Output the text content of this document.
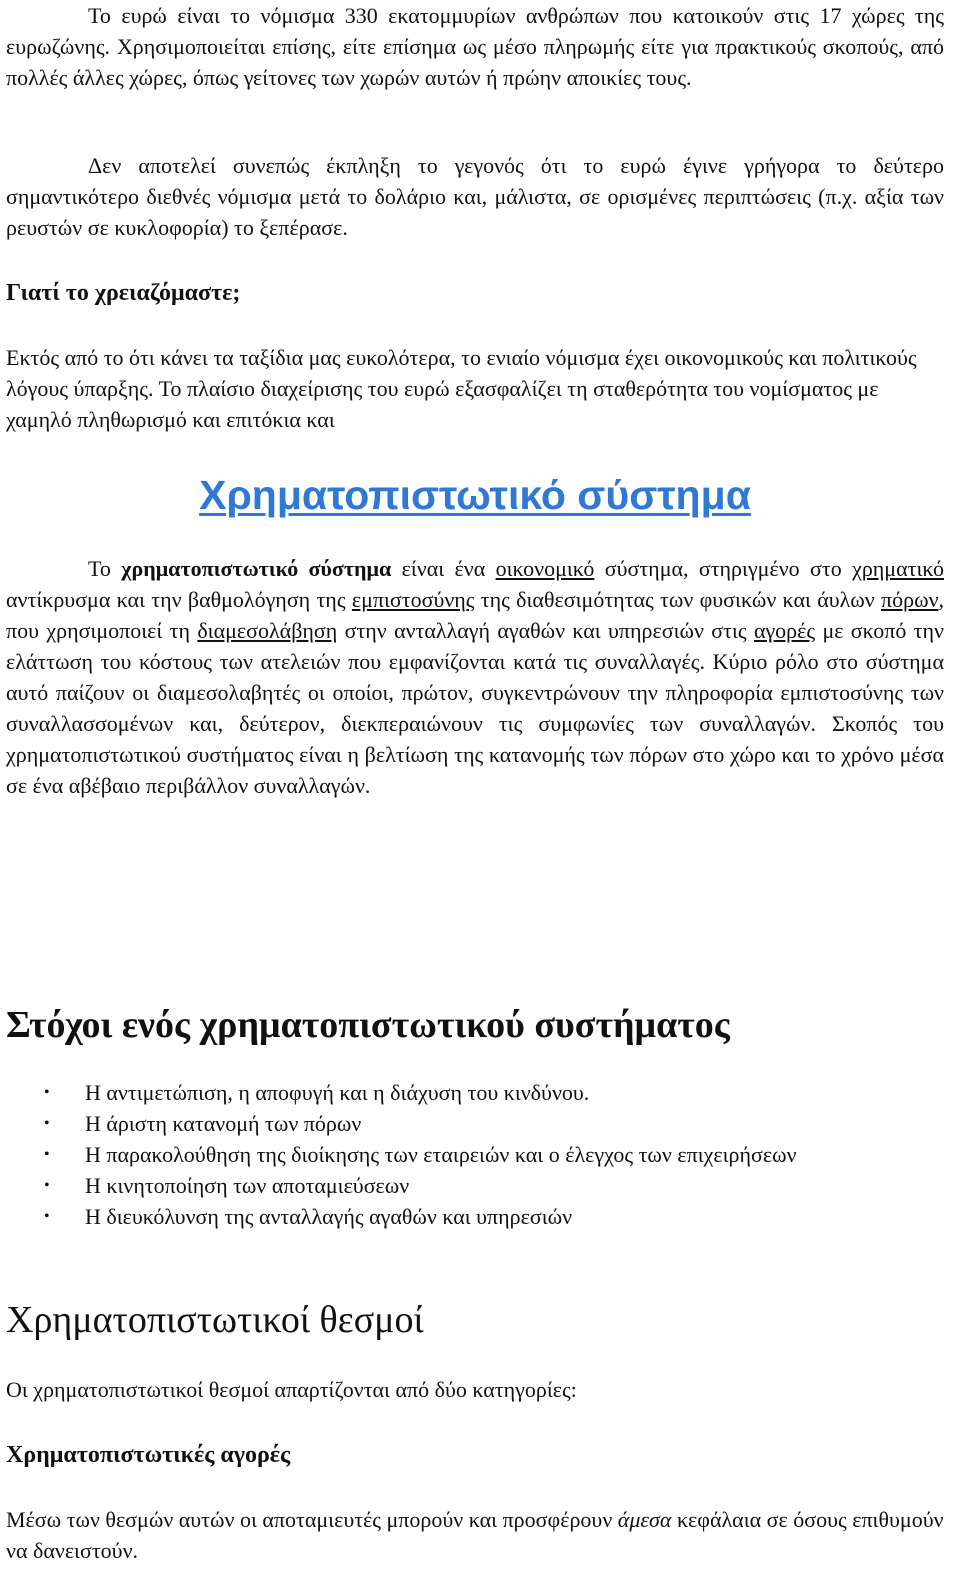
Το ευρώ είναι το νόμισμα 330 εκατομμυρίων ανθρώπων που κατοικούν στις 17 χώρες της ευρωζώνης. Χρησιμοποιείται επίσης, είτε επίσημα ως μέσο πληρωμής είτε για πρακτικούς σκοπούς, από πολλές άλλες χώρες, όπως γείτονες των χωρών αυτών ή πρώην αποικίες τους.

Δεν αποτελεί συνεπώς έκπληξη το γεγονός ότι το ευρώ έγινε γρήγορα το δεύτερο σημαντικότερο διεθνές νόμισμα μετά το δολάριο και, μάλιστα, σε ορισμένες περιπτώσεις (π.χ. αξία των ρευστών σε κυκλοφορία) το ξεπέρασε.

Γιατί το χρειαζόμαστε;

Εκτός από το ότι κάνει τα ταξίδια μας ευκολότερα, το ενιαίο νόμισμα έχει οικονομικούς και πολιτικούς λόγους ύπαρξης. Το πλαίσιο διαχείρισης του ευρώ εξασφαλίζει τη σταθερότητα του νομίσματος με χαμηλό πληθωρισμό και επιτόκια και

Χρηματοπιστωτικό σύστημα

Το χρηματοπιστωτικό σύστημα είναι ένα οικονομικό σύστημα, στηριγμένο στο χρηματικό αντίκρυσμα και την βαθμολόγηση της εμπιστοσύνης της διαθεσιμότητας των φυσικών και άυλων πόρων, που χρησιμοποιεί τη διαμεσολάβηση στην ανταλλαγή αγαθών και υπηρεσιών στις αγορές με σκοπό την ελάττωση του κόστους των ατελειών που εμφανίζονται κατά τις συναλλαγές. Κύριο ρόλο στο σύστημα αυτό παίζουν οι διαμεσολαβητές οι οποίοι, πρώτον, συγκεντρώνουν την πληροφορία εμπιστοσύνης των συναλλασσομένων και, δεύτερον, διεκπεραιώνουν τις συμφωνίες των συναλλαγών. Σκοπός του χρηματοπιστωτικού συστήματος είναι η βελτίωση της κατανομής των πόρων στο χώρο και το χρόνο μέσα σε ένα αβέβαιο περιβάλλον συναλλαγών.

Στόχοι ενός χρηματοπιστωτικού συστήματος
• Η αντιμετώπιση, η αποφυγή και η διάχυση του κινδύνου.
• Η άριστη κατανομή των πόρων
• Η παρακολούθηση της διοίκησης των εταιρειών και ο έλεγχος των επιχειρήσεων
• Η κινητοποίηση των αποταμιεύσεων
• Η διευκόλυνση της ανταλλαγής αγαθών και υπηρεσιών
Χρηματοπιστωτικοί θεσμοί

Οι χρηματοπιστωτικοί θεσμοί απαρτίζονται από δύο κατηγορίες:

Χρηματοπιστωτικές αγορές

Μέσω των θεσμών αυτών οι αποταμιευτές μπορούν και προσφέρουν άμεσα κεφάλαια σε όσους επιθυμούν να δανειστούν.
